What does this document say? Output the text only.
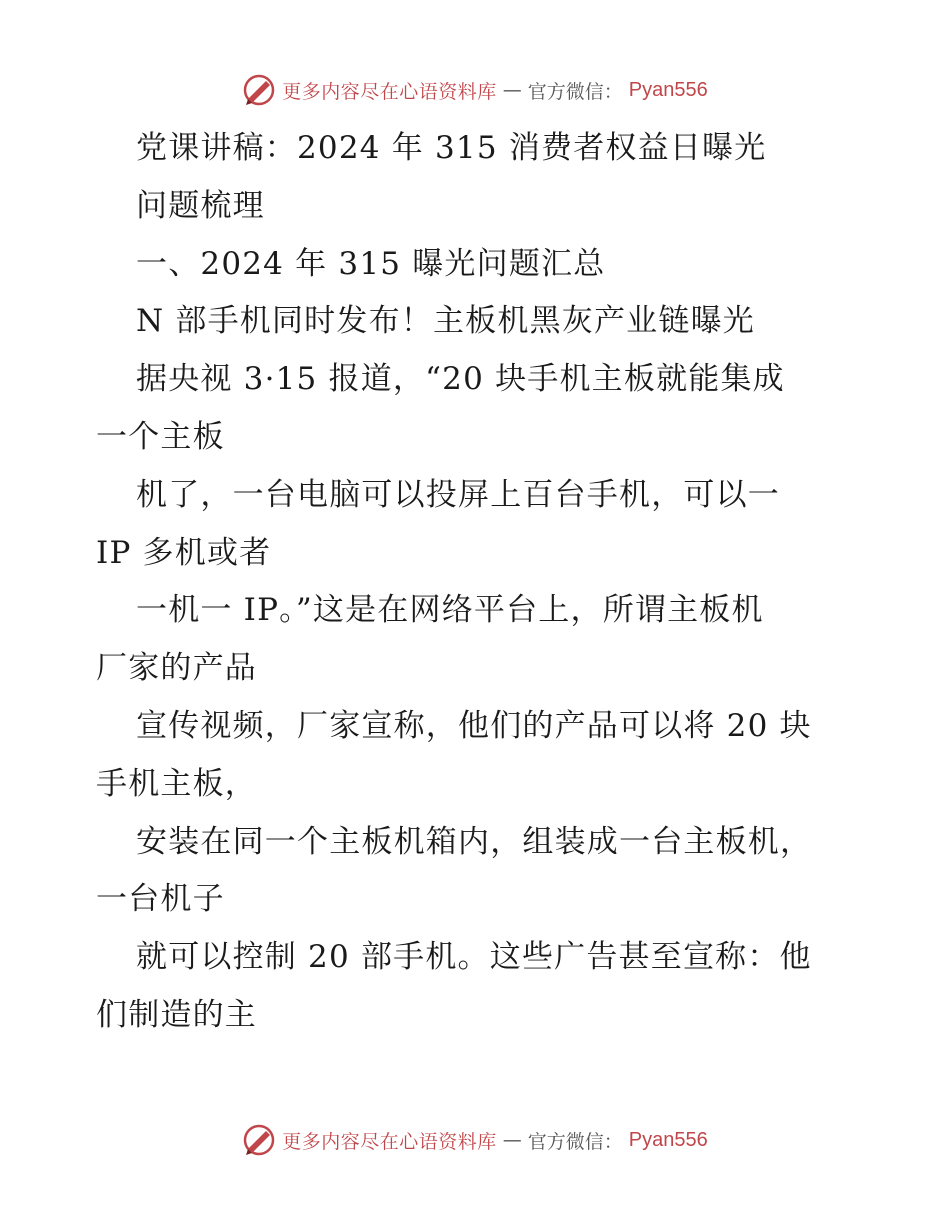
更多内容尽在心语资料库 — 官方微信： Pyan556
党课讲稿：2024 年 315 消费者权益日曝光
问题梳理
一、2024 年 315 曝光问题汇总
N 部手机同时发布！主板机黑灰产业链曝光
据央视 3·15 报道，“20 块手机主板就能集成
一个主板
机了，一台电脑可以投屏上百台手机，可以一
IP 多机或者
一机一 IP。”这是在网络平台上，所谓主板机
厂家的产品
宣传视频，厂家宣称，他们的产品可以将 20 块
手机主板，
安装在同一个主板机箱内，组装成一台主板机，
一台机子
就可以控制 20 部手机。这些广告甚至宣称：他
们制造的主
更多内容尽在心语资料库 — 官方微信： Pyan556
